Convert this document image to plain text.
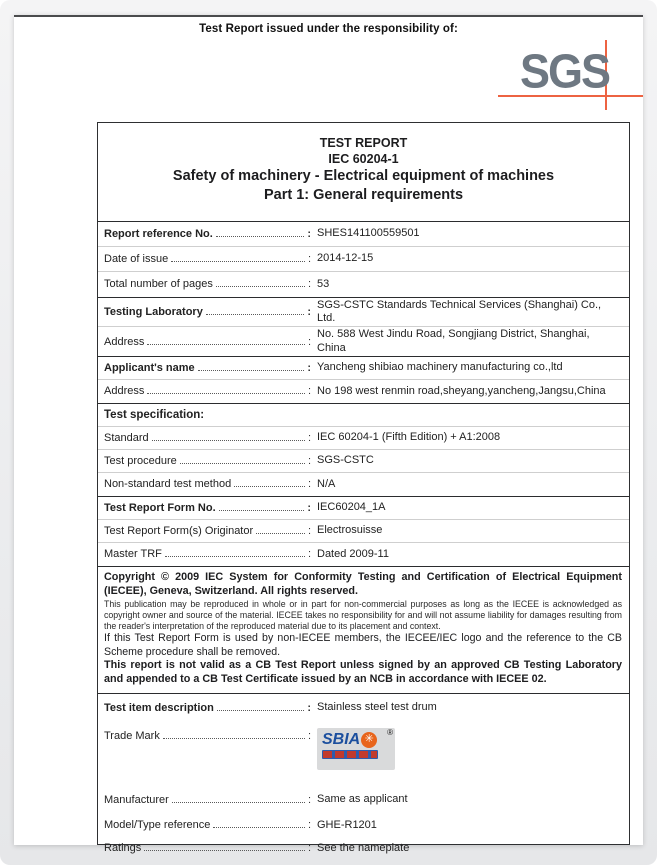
Test Report issued under the responsibility of:
SGS
TEST REPORT
IEC 60204-1
Safety of machinery - Electrical equipment of machines
Part 1: General requirements
Report reference No.
:	SHES141100559501
Date of issue
:	2014-12-15
Total number of pages
:	53
Testing Laboratory
:
SGS-CSTC Standards Technical Services (Shanghai) Co., Ltd.
Address
:
No. 588 West Jindu Road, Songjiang District, Shanghai, China
Applicant's name
:	Yancheng shibiao machinery manufacturing co.,ltd
Address
:	No 198 west renmin road,sheyang,yancheng,Jangsu,China
Test specification:
Standard
:	IEC 60204-1 (Fifth Edition) + A1:2008
Test procedure
:	SGS-CSTC
Non-standard test method
:	N/A
Test Report Form No.
:	IEC60204_1A
Test Report Form(s) Originator
:	Electrosuisse
Master TRF
:	Dated 2009-11
Copyright © 2009 IEC System for Conformity Testing and Certification of Electrical Equipment (IECEE), Geneva, Switzerland. All rights reserved.
This publication may be reproduced in whole or in part for non-commercial purposes as long as the IECEE is acknowledged as copyright owner and source of the material. IECEE takes no responsibility for and will not assume liability for damages resulting from the reader's interpretation of the reproduced material due to its placement and context.
If this Test Report Form is used by non-IECEE members, the IECEE/IEC logo and the reference to the CB Scheme procedure shall be removed.
This report is not valid as a CB Test Report unless signed by an approved CB Testing Laboratory and appended to a CB Test Certificate issued by an NCB in accordance with IECEE 02.
Test item description
:	Stainless steel test drum
Trade Mark
:	®
SBIA
✳
Manufacturer
:	Same as applicant
Model/Type reference
:	GHE-R1201
Ratings
:	See the nameplate
